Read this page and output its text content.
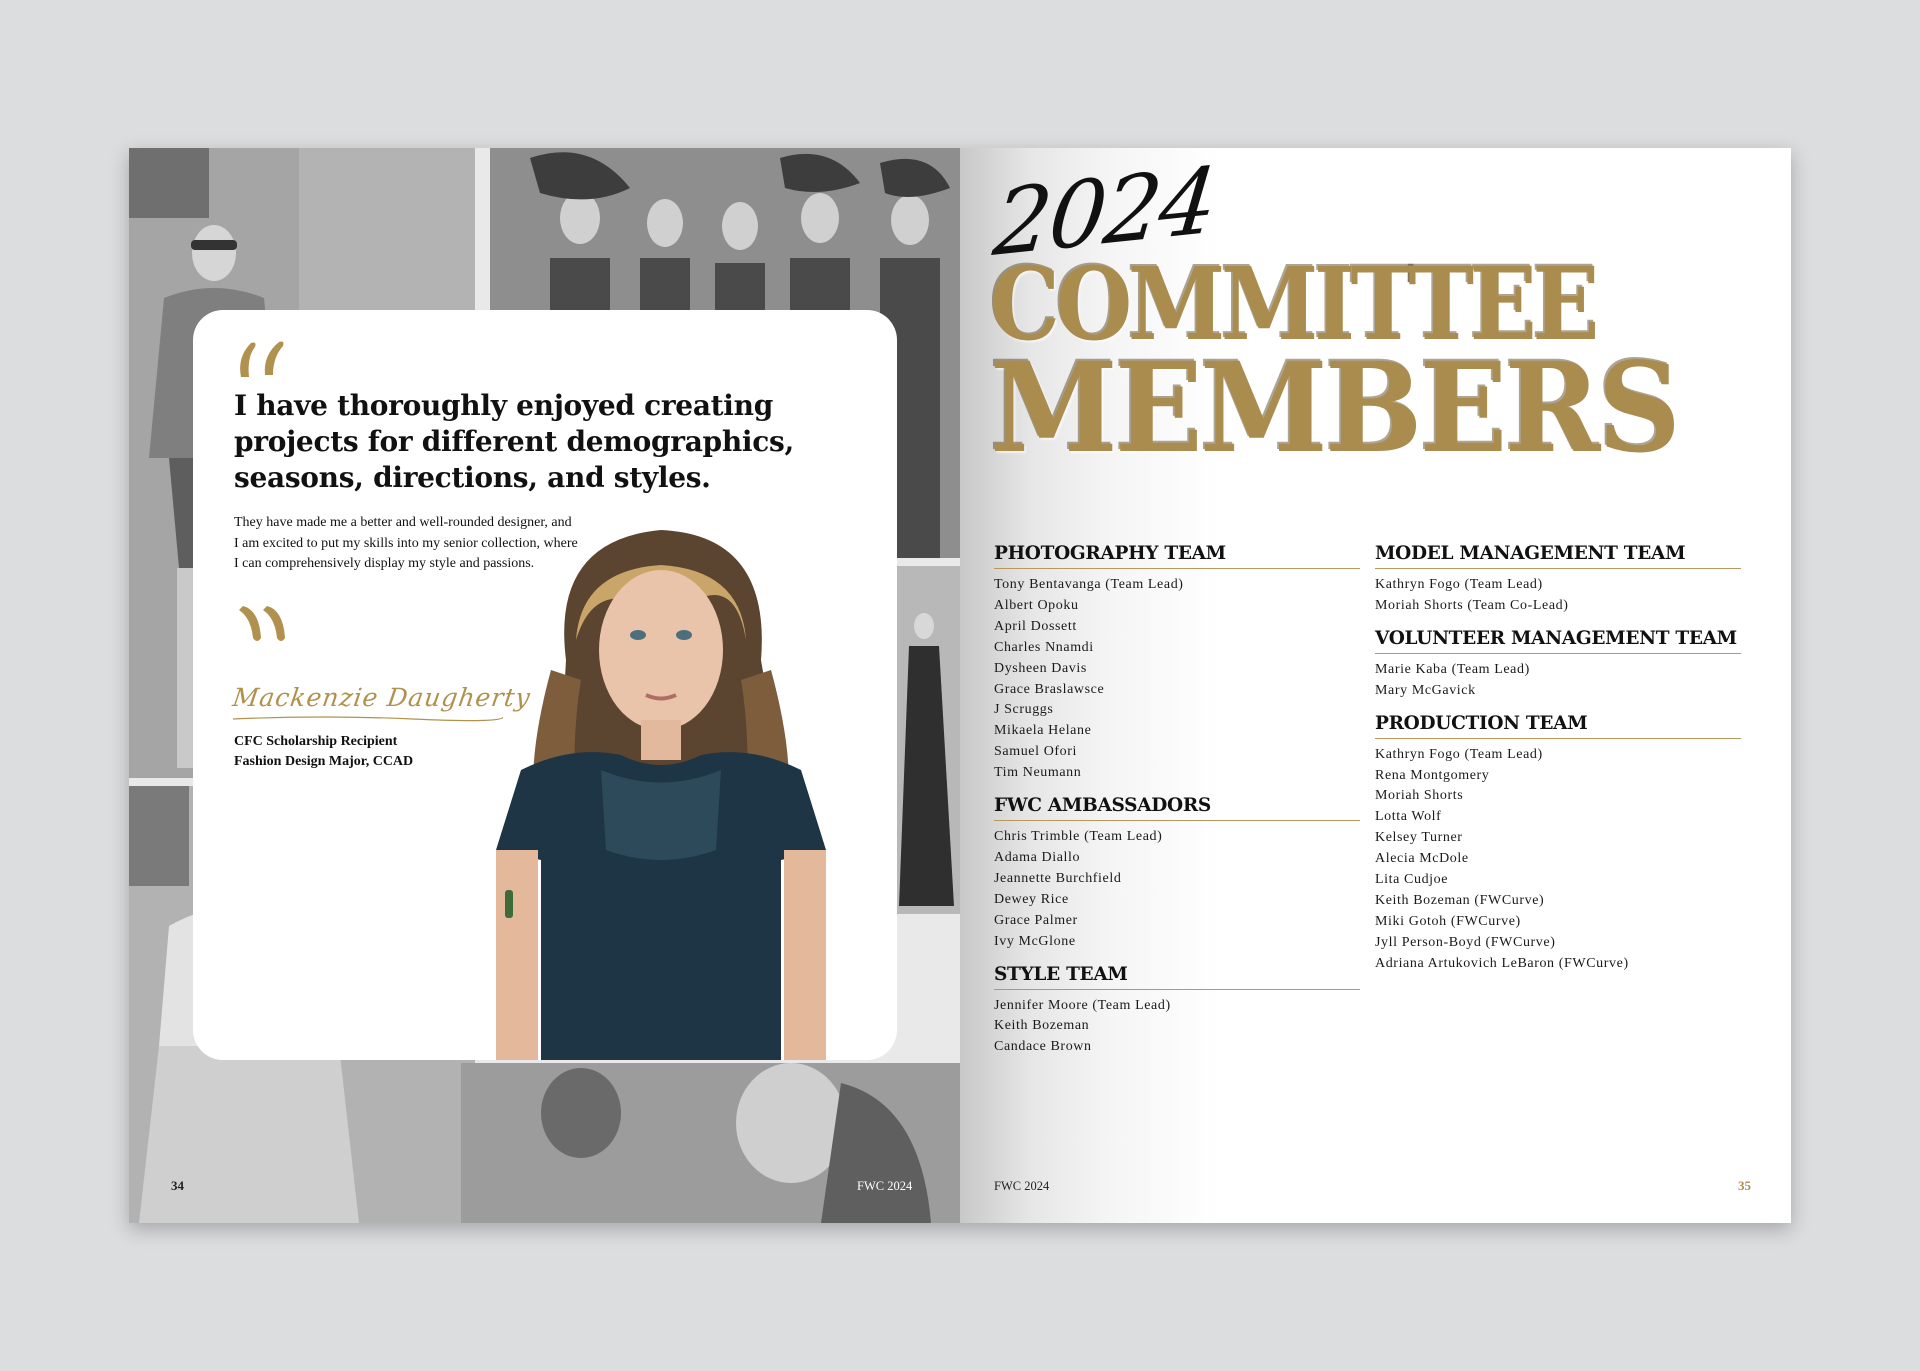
I have thoroughly enjoyed creating projects for different demographics, seasons, directions, and styles.

They have made me a better and well-rounded designer, and I am excited to put my skills into my senior collection, where I can comprehensively display my style and passions.

Mackenzie Daugherty
CFC Scholarship Recipient
Fashion Design Major, CCAD
34	FWC 2024
2024
COMMITTEE
MEMBERS
PHOTOGRAPHY TEAM
Tony Bentavanga (Team Lead)
Albert Opoku
April Dossett
Charles Nnamdi
Dysheen Davis
Grace Braslawsce
J Scruggs
Mikaela Helane
Samuel Ofori
Tim Neumann
FWC AMBASSADORS
Chris Trimble (Team Lead)
Adama Diallo
Jeannette Burchfield
Dewey Rice
Grace Palmer
Ivy McGlone
STYLE TEAM
Jennifer Moore (Team Lead)
Keith Bozeman
Candace Brown
MODEL MANAGEMENT TEAM
Kathryn Fogo (Team Lead)
Moriah Shorts (Team Co-Lead)
VOLUNTEER MANAGEMENT TEAM
Marie Kaba (Team Lead)
Mary McGavick
PRODUCTION TEAM
Kathryn Fogo (Team Lead)
Rena Montgomery
Moriah Shorts
Lotta Wolf
Kelsey Turner
Alecia McDole
Lita Cudjoe
Keith Bozeman (FWCurve)
Miki Gotoh (FWCurve)
Jyll Person-Boyd (FWCurve)
Adriana Artukovich LeBaron (FWCurve)
FWC 2024	35
